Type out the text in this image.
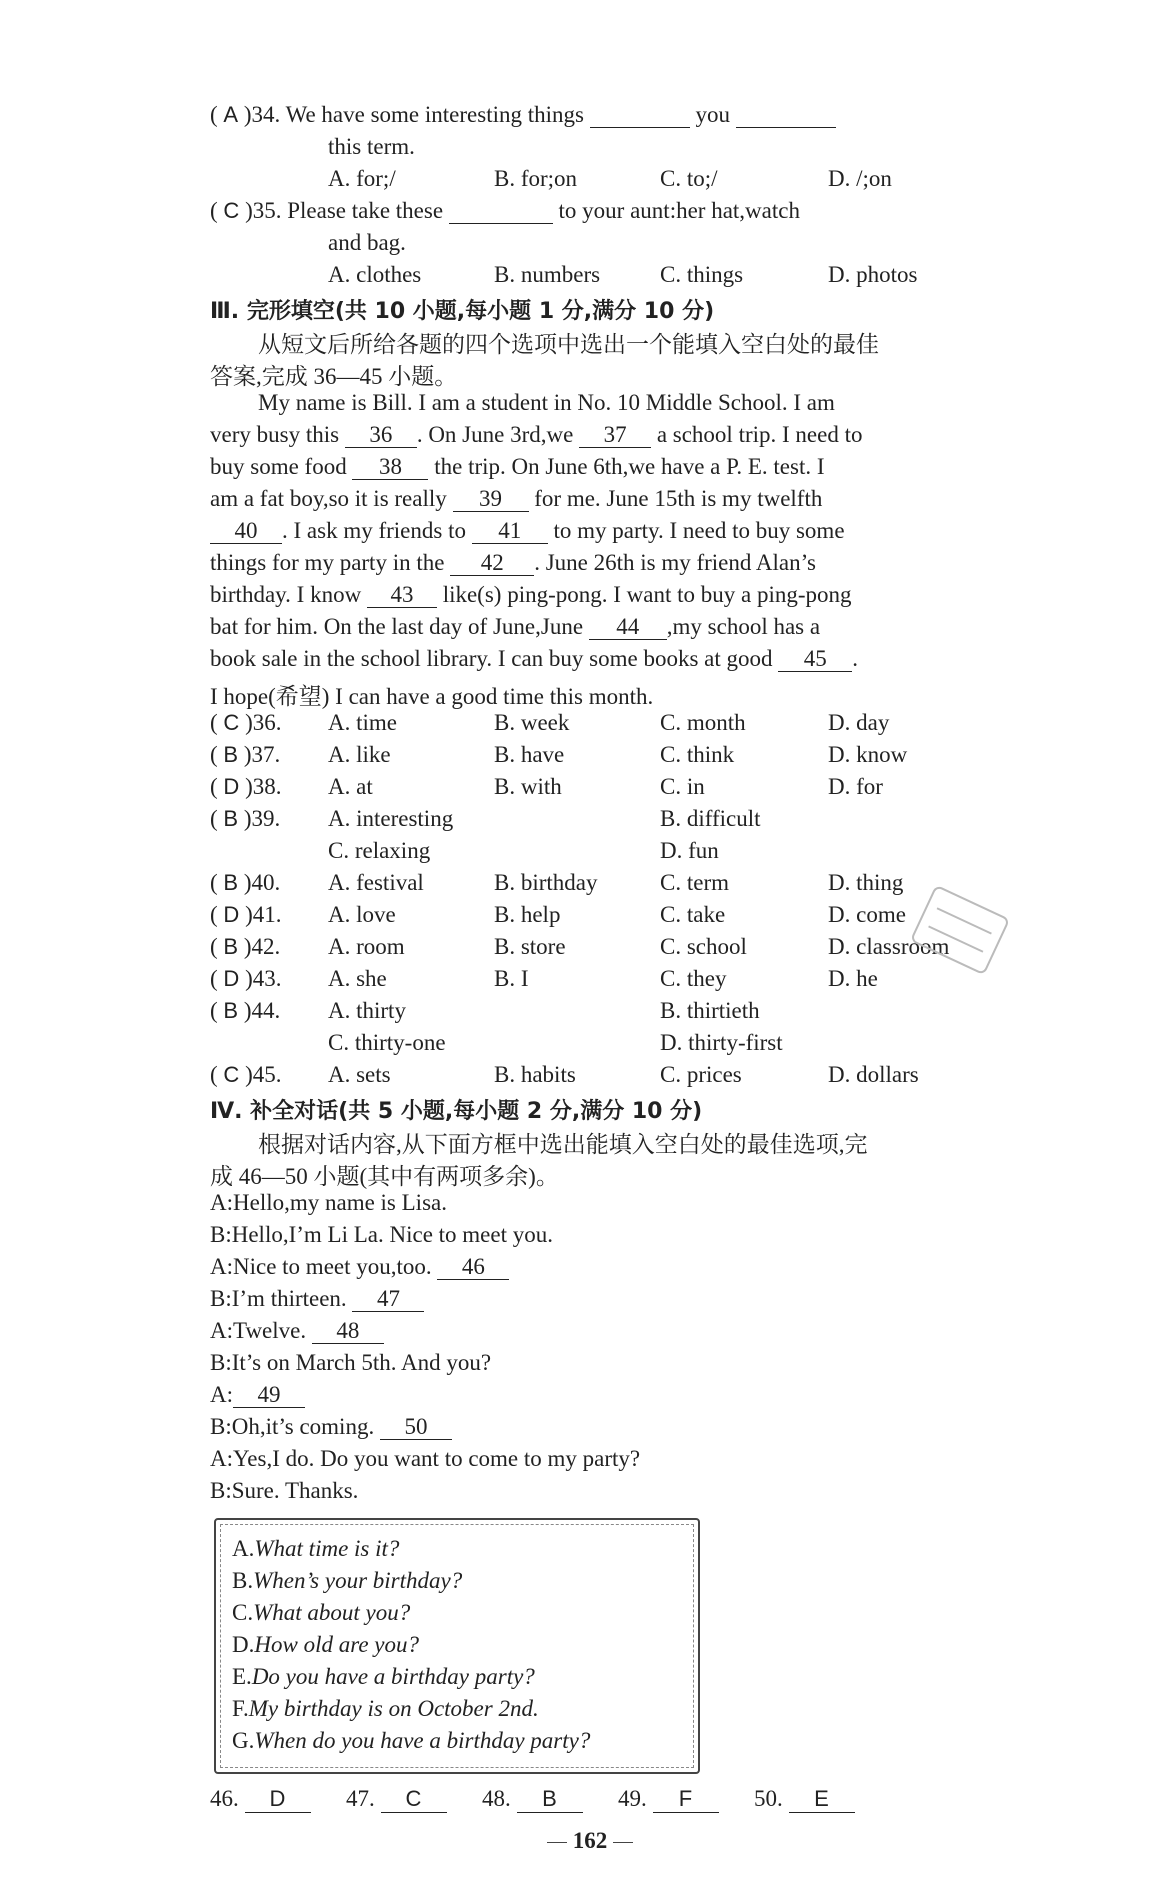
( A )34. We have some interesting things	you
this term.
A. for;/	B. for;on	C. to;/	D. /;on
( C )35. Please take these	to your aunt:her hat,watch
and bag.
A. clothes	B. numbers	C. things	D. photos
Ⅲ. 完形填空(共 10 小题,每小题 1 分,满分 10 分)
从短文后所给各题的四个选项中选出一个能填入空白处的最佳
答案,完成 36—45 小题。
My name is Bill. I am a student in No. 10 Middle School. I am
very busy this 36 . On June 3rd,we 37 a school trip. I need to
buy some food 38 the trip. On June 6th,we have a P. E. test. I
am a fat boy,so it is really 39 for me. June 15th is my twelfth
40 . I ask my friends to 41 to my party. I need to buy some
things for my party in the 42 . June 26th is my friend Alan’s
birthday. I know 43 like(s) ping-pong. I want to buy a ping-pong
bat for him. On the last day of June,June 44 ,my school has a
book sale in the school library. I can buy some books at good 45 .
I hope(希望) I can have a good time this month.
( C )36. A. time	B. week	C. month	D. day
( B )37. A. like	B. have	C. think	D. know
( D )38. A. at	B. with	C. in	D. for
( B )39. A. interesting	B. difficult
C. relaxing	D. fun
( B )40. A. festival	B. birthday	C. term	D. thing
( D )41. A. love	B. help	C. take	D. come
( B )42. A. room	B. store	C. school	D. classroom
( D )43. A. she	B. I	C. they	D. he
( B )44. A. thirty	B. thirtieth
C. thirty-one	D. thirty-first
( C )45. A. sets	B. habits	C. prices	D. dollars
Ⅳ. 补全对话(共 5 小题,每小题 2 分,满分 10 分)
根据对话内容,从下面方框中选出能填入空白处的最佳选项,完
成 46—50 小题(其中有两项多余)。
A:Hello,my name is Lisa.
B:Hello,I’m Li La. Nice to meet you.
A:Nice to meet you,too. 46
B:I’m thirteen. 47
A:Twelve. 48
B:It’s on March 5th. And you?
A: 49
B:Oh,it’s coming. 50
A:Yes,I do. Do you want to come to my party?
B:Sure. Thanks.
A.What time is it?
B.When’s your birthday?
C.What about you?
D.How old are you?
E.Do you have a birthday party?
F.My birthday is on October 2nd.
G.When do you have a birthday party?
46. D	47. C	48. B	49. F	50. E
162
